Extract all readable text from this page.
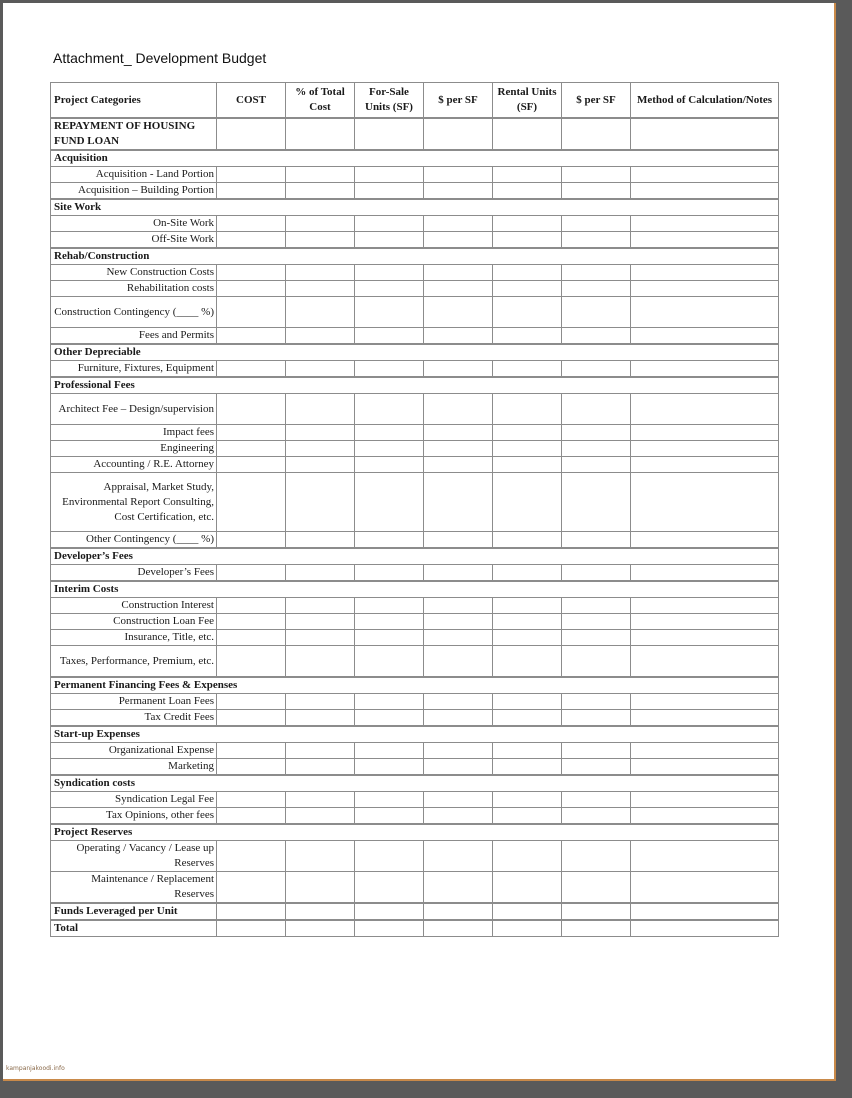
Attachment_ Development Budget
Project Categories	COST	% of Total Cost	For-Sale Units (SF)	$ per SF	Rental Units (SF)	$ per SF	Method of Calculation/Notes
REPAYMENT OF HOUSING FUND LOAN							
Acquisition							
Acquisition - Land Portion							
Acquisition – Building Portion							
Site Work							
On-Site Work							
Off-Site Work							
Rehab/Construction							
New Construction Costs							
Rehabilitation costs							
Construction Contingency (____ %)							
Fees and Permits							
Other Depreciable							
Furniture, Fixtures, Equipment							
Professional Fees							
Architect Fee – Design/supervision							
Impact fees							
Engineering							
Accounting / R.E. Attorney							
Appraisal, Market Study, Environmental Report Consulting, Cost Certification, etc.							
Other Contingency (____ %)							
Developer’s Fees							
Developer’s Fees							
Interim Costs							
Construction Interest							
Construction Loan Fee							
Insurance, Title, etc.							
Taxes, Performance, Premium, etc.							
Permanent Financing Fees & Expenses							
Permanent Loan Fees							
Tax Credit Fees							
Start-up Expenses							
Organizational Expense							
Marketing							
Syndication costs							
Syndication Legal Fee							
Tax Opinions, other fees							
Project Reserves							
Operating / Vacancy / Lease up Reserves							
Maintenance / Replacement Reserves							
Funds Leveraged per Unit							
Total							
kampanjakoodi.info
